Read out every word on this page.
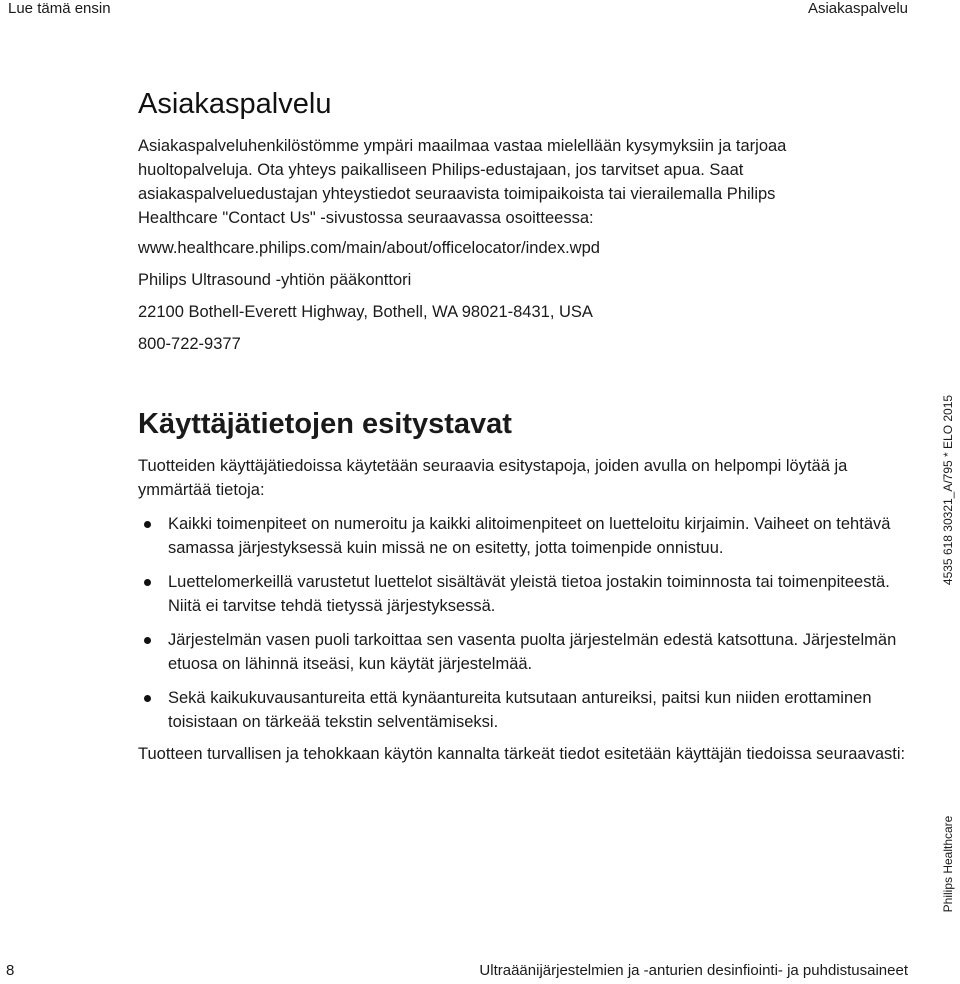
Lue tämä ensin	Asiakaspalvelu
Asiakaspalvelu

Asiakaspalveluhenkilöstömme ympäri maailmaa vastaa mielellään kysymyksiin ja tarjoaa huoltopalveluja. Ota yhteys paikalliseen Philips-edustajaan, jos tarvitset apua. Saat asiakaspalveluedustajan yhteystiedot seuraavista toimipaikoista tai vierailemalla Philips Healthcare "Contact Us" -sivustossa seuraavassa osoitteessa:

www.healthcare.philips.com/main/about/officelocator/index.wpd

Philips Ultrasound -yhtiön pääkonttori

22100 Bothell-Everett Highway, Bothell, WA 98021-8431, USA

800-722-9377

Käyttäjätietojen esitystavat

Tuotteiden käyttäjätiedoissa käytetään seuraavia esitystapoja, joiden avulla on helpompi löytää ja ymmärtää tietoja:

Kaikki toimenpiteet on numeroitu ja kaikki alitoimenpiteet on luetteloitu kirjaimin. Vaiheet on tehtävä samassa järjestyksessä kuin missä ne on esitetty, jotta toimenpide onnistuu.
Luettelomerkeillä varustetut luettelot sisältävät yleistä tietoa jostakin toiminnosta tai toimenpiteestä. Niitä ei tarvitse tehdä tietyssä järjestyksessä.
Järjestelmän vasen puoli tarkoittaa sen vasenta puolta järjestelmän edestä katsottuna. Järjestelmän etuosa on lähinnä itseäsi, kun käytät järjestelmää.
Sekä kaikukuvausantureita että kynäantureita kutsutaan antureiksi, paitsi kun niiden erottaminen toisistaan on tärkeää tekstin selventämiseksi.

Tuotteen turvallisen ja tehokkaan käytön kannalta tärkeät tiedot esitetään käyttäjän tiedoissa seuraavasti:

4535 618 30321_A/795 * ELO 2015
Philips Healthcare
8	Ultraäänijärjestelmien ja -anturien desinfiointi- ja puhdistusaineet
